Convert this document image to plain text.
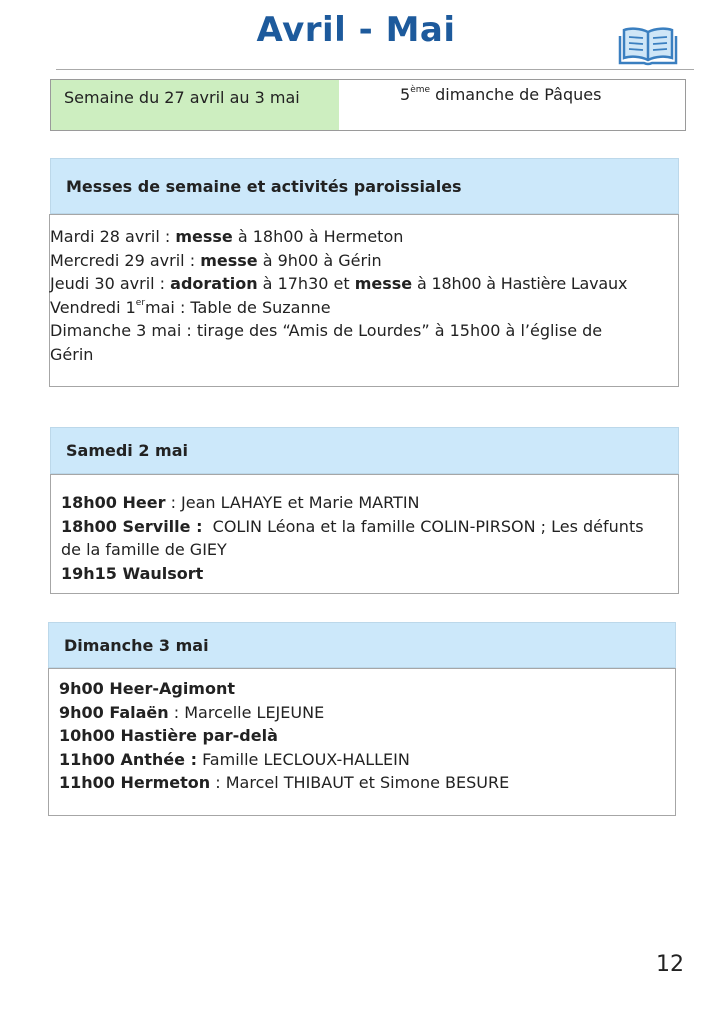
Avril - Mai
Semaine du 27 avril au 3 mai	5ème dimanche de Pâques
Messes de semaine et activités paroissiales
Mardi 28 avril : messe à 18h00 à Hermeton
Mercredi 29 avril : messe à 9h00 à Gérin
Jeudi 30 avril : adoration à 17h30 et messe à 18h00 à Hastière Lavaux
Vendredi 1ermai : Table de Suzanne
Dimanche 3 mai : tirage des “Amis de Lourdes” à 15h00 à l’église de Gérin
Samedi 2 mai
18h00 Heer : Jean LAHAYE et Marie MARTIN
18h00 Serville :  COLIN Léona et la famille COLIN-PIRSON ; Les défunts de la famille de GIEY
19h15 Waulsort
Dimanche 3 mai
9h00 Heer-Agimont
9h00 Falaën : Marcelle LEJEUNE
10h00 Hastière par-delà
11h00 Anthée : Famille LECLOUX-HALLEIN
11h00 Hermeton : Marcel THIBAUT et Simone BESURE
12
